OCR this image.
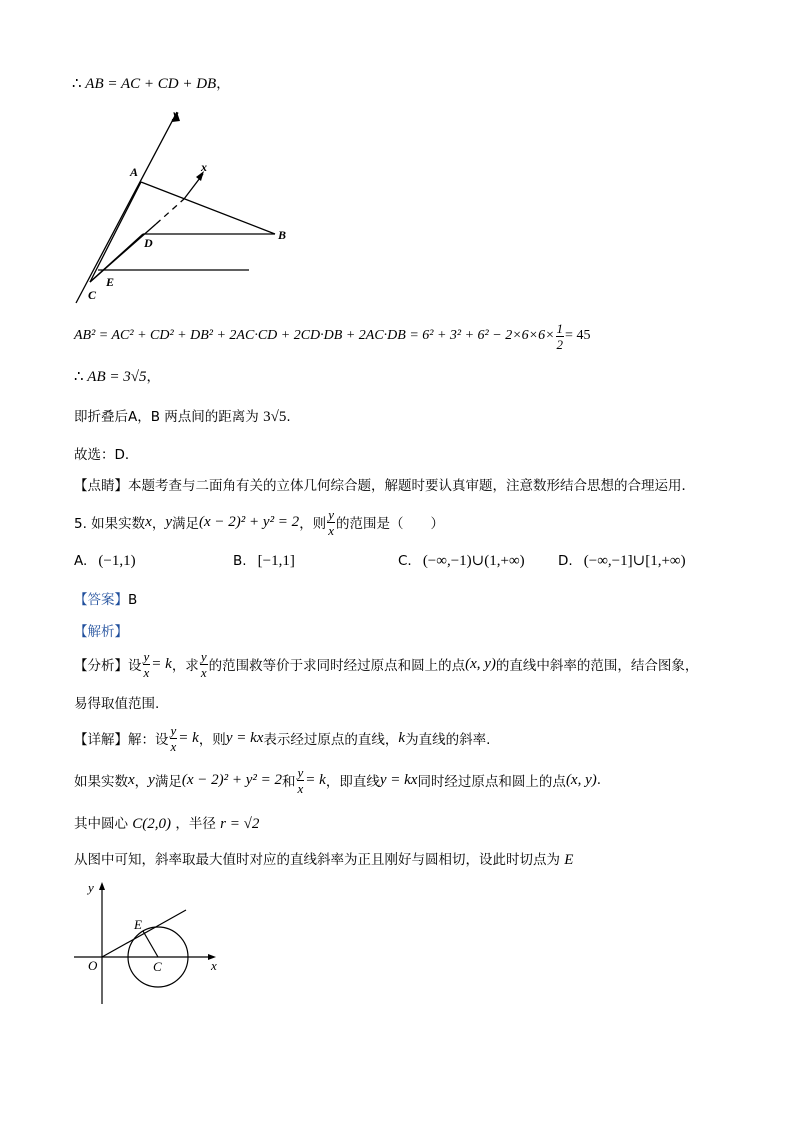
∴ AB = AC + CD + DB，
y
x
A
B
D
E
C
$AB^2 = AC^2 + CD^2 + DB^2 + 2AC\cdot CD + 2CD\cdot DB + 2AC\cdot DB = 6^2 + 3^2 + 6^2 - 2\times 6\times 6\times \frac{1}{2} = 45$
∴ AB = 3√5，
即折叠后A，B 两点间的距离为 3√5.
故选：D．
【点睛】本题考查与二面角有关的立体几何综合题，解题时要认真审题，注意数形结合思想的合理运用．
5. 如果实数 x ， y 满足 (x − 2)² + y² = 2 ，则 $\frac{y}{x}$ 的范围是（　　）
A. (−1,1)	B. [−1,1]	C. (−∞,−1)∪(1,+∞) D. (−∞,−1]∪[1,+∞)
【答案】B
【解析】
【分析】 设 $\frac{y}{x} = k$ ，求 $\frac{y}{x}$ 的范围救等价于求同时经过原点和圆上的点 (x, y) 的直线中斜率的范围，结合图象，
易得取值范围.
【详解】 解：设 $\frac{y}{x} = k$ ，则 y = kx 表示经过原点的直线， k 为直线的斜率.
如果实数 x ， y 满足 (x − 2)² + y² = 2 和 $\frac{y}{x} = k$ ，即直线 y = kx 同时经过原点和圆上的点 (x, y) .
其中圆心 C(2,0) ，半径 r = √2
从图中可知，斜率取最大值时对应的直线斜率为正且刚好与圆相切，设此时切点为 E
y
x
O	C
E
